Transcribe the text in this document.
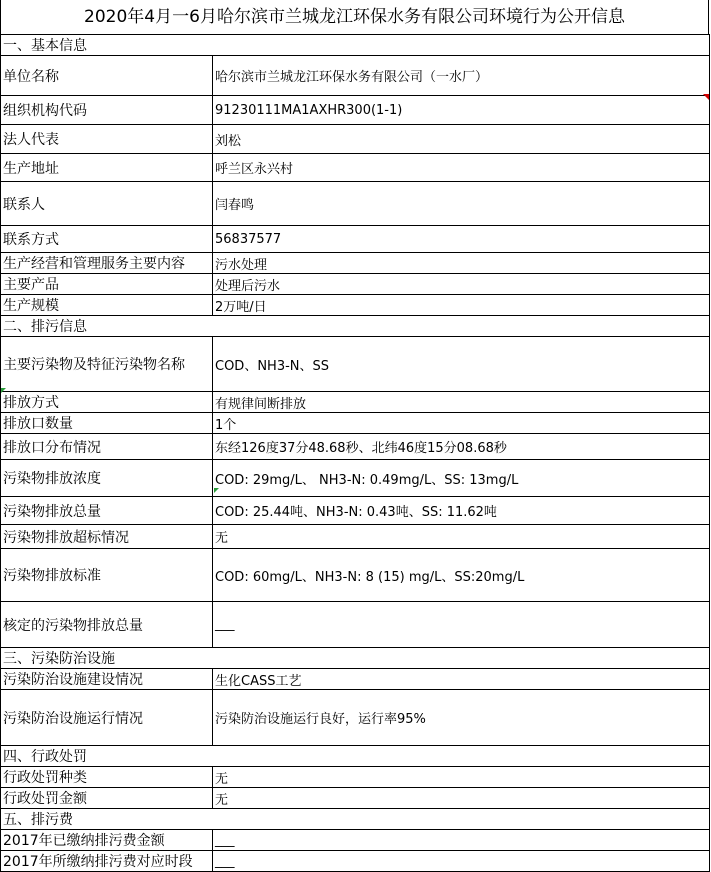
2020年4月一6月哈尔滨市兰城龙江环保水务有限公司环境行为公开信息
一、基本信息	
单位名称	哈尔滨市兰城龙江环保水务有限公司（一水厂）
组织机构代码	91230111MA1AXHR300(1-1)
法人代表	刘松
生产地址	呼兰区永兴村
联系人	闫春鸣
联系方式	56837577
生产经营和管理服务主要内容	污水处理
主要产品	处理后污水
生产规模	2万吨/日
二、排污信息	
主要污染物及特征污染物名称	COD、NH3-N、SS
排放方式	有规律间断排放
排放口数量	1个
排放口分布情况	东经126度37分48.68秒、北纬46度15分08.68秒
污染物排放浓度	COD: 29mg/L、 NH3-N: 0.49mg/L、SS: 13mg/L
污染物排放总量	COD: 25.44吨、NH3-N: 0.43吨、SS: 11.62吨
污染物排放超标情况	无
污染物排放标准	COD: 60mg/L、NH3-N: 8 (15) mg/L、SS:20mg/L
核定的污染物排放总量	___
三、污染防治设施	
污染防治设施建设情况	生化CASS工艺
污染防治设施运行情况	污染防治设施运行良好，运行率95%
四、行政处罚	
行政处罚种类	无
行政处罚金额	无
五、排污费	
2017年已缴纳排污费金额	___
2017年所缴纳排污费对应时段	___
